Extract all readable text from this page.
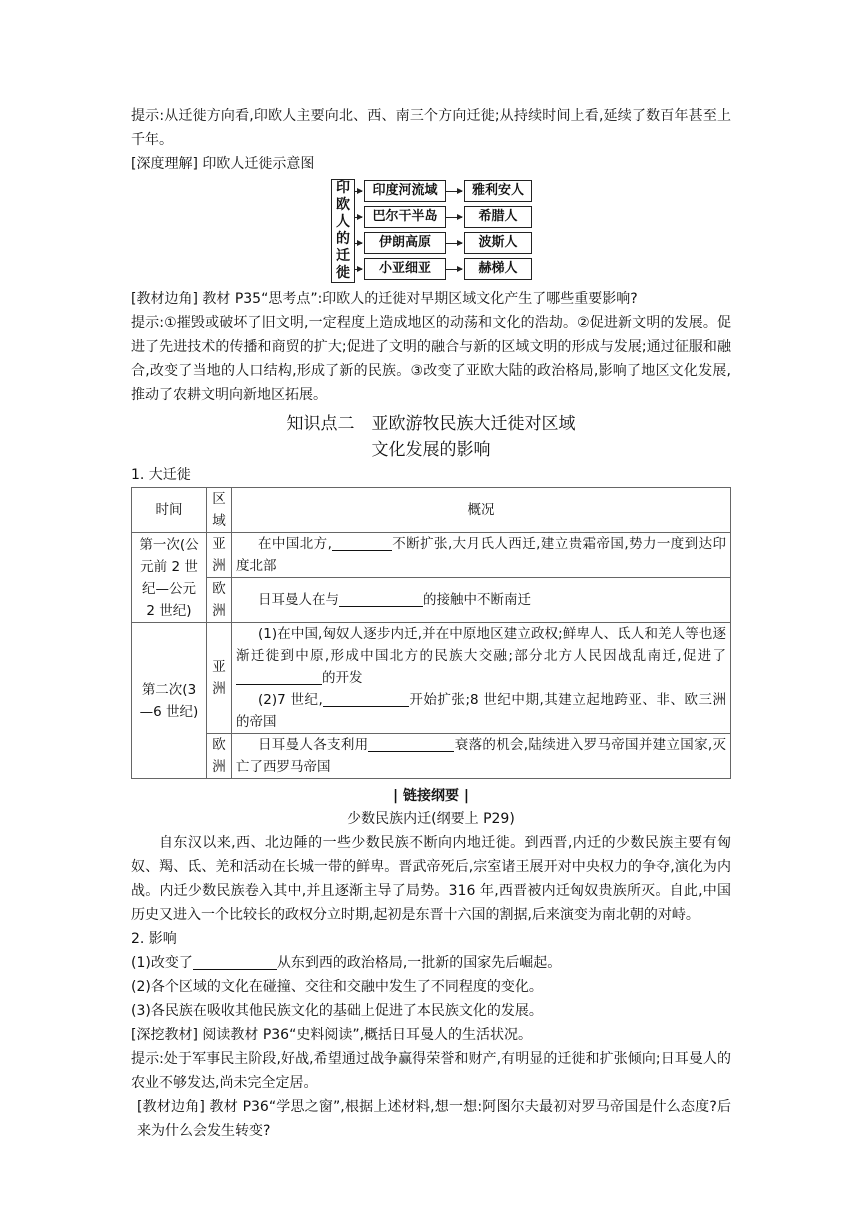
提示:从迁徙方向看,印欧人主要向北、西、南三个方向迁徙;从持续时间上看,延续了数百年甚至上千年。

[深度理解] 印欧人迁徙示意图

印
欧
人
的
迁
徙
印度河流域	雅利安人
巴尔干半岛	希腊人
伊朗高原	波斯人
小亚细亚	赫梯人

[教材边角] 教材 P35“思考点”:印欧人的迁徙对早期区域文化产生了哪些重要影响?

提示:①摧毁或破坏了旧文明,一定程度上造成地区的动荡和文化的浩劫。②促进新文明的发展。促进了先进技术的传播和商贸的扩大;促进了文明的融合与新的区域文明的形成与发展;通过征服和融合,改变了当地的人口结构,形成了新的民族。③改变了亚欧大陆的政治格局,影响了地区文化发展,推动了农耕文明向新地区拓展。

知识点二　亚欧游牧民族大迁徙对区域
文化发展的影响

1. 大迁徙

时间	区域	概况
第一次(公元前 2 世纪—公元 2 世纪)	亚洲	在中国北方, 不断扩张,大月氏人西迁,建立贵霜帝国,势力一度到达印度北部

	欧洲	日耳曼人在与 的接触中不断南迁

第二次(3—6 世纪)	亚洲	(1)在中国,匈奴人逐步内迁,并在中原地区建立政权;鲜卑人、氐人和羌人等也逐渐迁徙到中原,形成中国北方的民族大交融;部分北方人民因战乱南迁,促进了的开发

(2)7 世纪, 开始扩张;8 世纪中期,其建立起地跨亚、非、欧三洲的帝国

	欧洲	日耳曼人各支利用 衰落的机会,陆续进入罗马帝国并建立国家,灭亡了西罗马帝国

| 链接纲要 |

少数民族内迁(纲要上 P29)

自东汉以来,西、北边陲的一些少数民族不断向内地迁徙。到西晋,内迁的少数民族主要有匈奴、羯、氐、羌和活动在长城一带的鲜卑。晋武帝死后,宗室诸王展开对中央权力的争夺,演化为内战。内迁少数民族卷入其中,并且逐渐主导了局势。316 年,西晋被内迁匈奴贵族所灭。自此,中国历史又进入一个比较长的政权分立时期,起初是东晋十六国的割据,后来演变为南北朝的对峙。

2. 影响

(1)改变了	从东到西的政治格局,一批新的国家先后崛起。

(2)各个区域的文化在碰撞、交往和交融中发生了不同程度的变化。

(3)各民族在吸收其他民族文化的基础上促进了本民族文化的发展。

[深挖教材] 阅读教材 P36“史料阅读”,概括日耳曼人的生活状况。

提示:处于军事民主阶段,好战,希望通过战争赢得荣誉和财产,有明显的迁徙和扩张倾向;日耳曼人的农业不够发达,尚未完全定居。

[教材边角] 教材 P36“学思之窗”,根据上述材料,想一想:阿图尔夫最初对罗马帝国是什么态度?后来为什么会发生转变?
